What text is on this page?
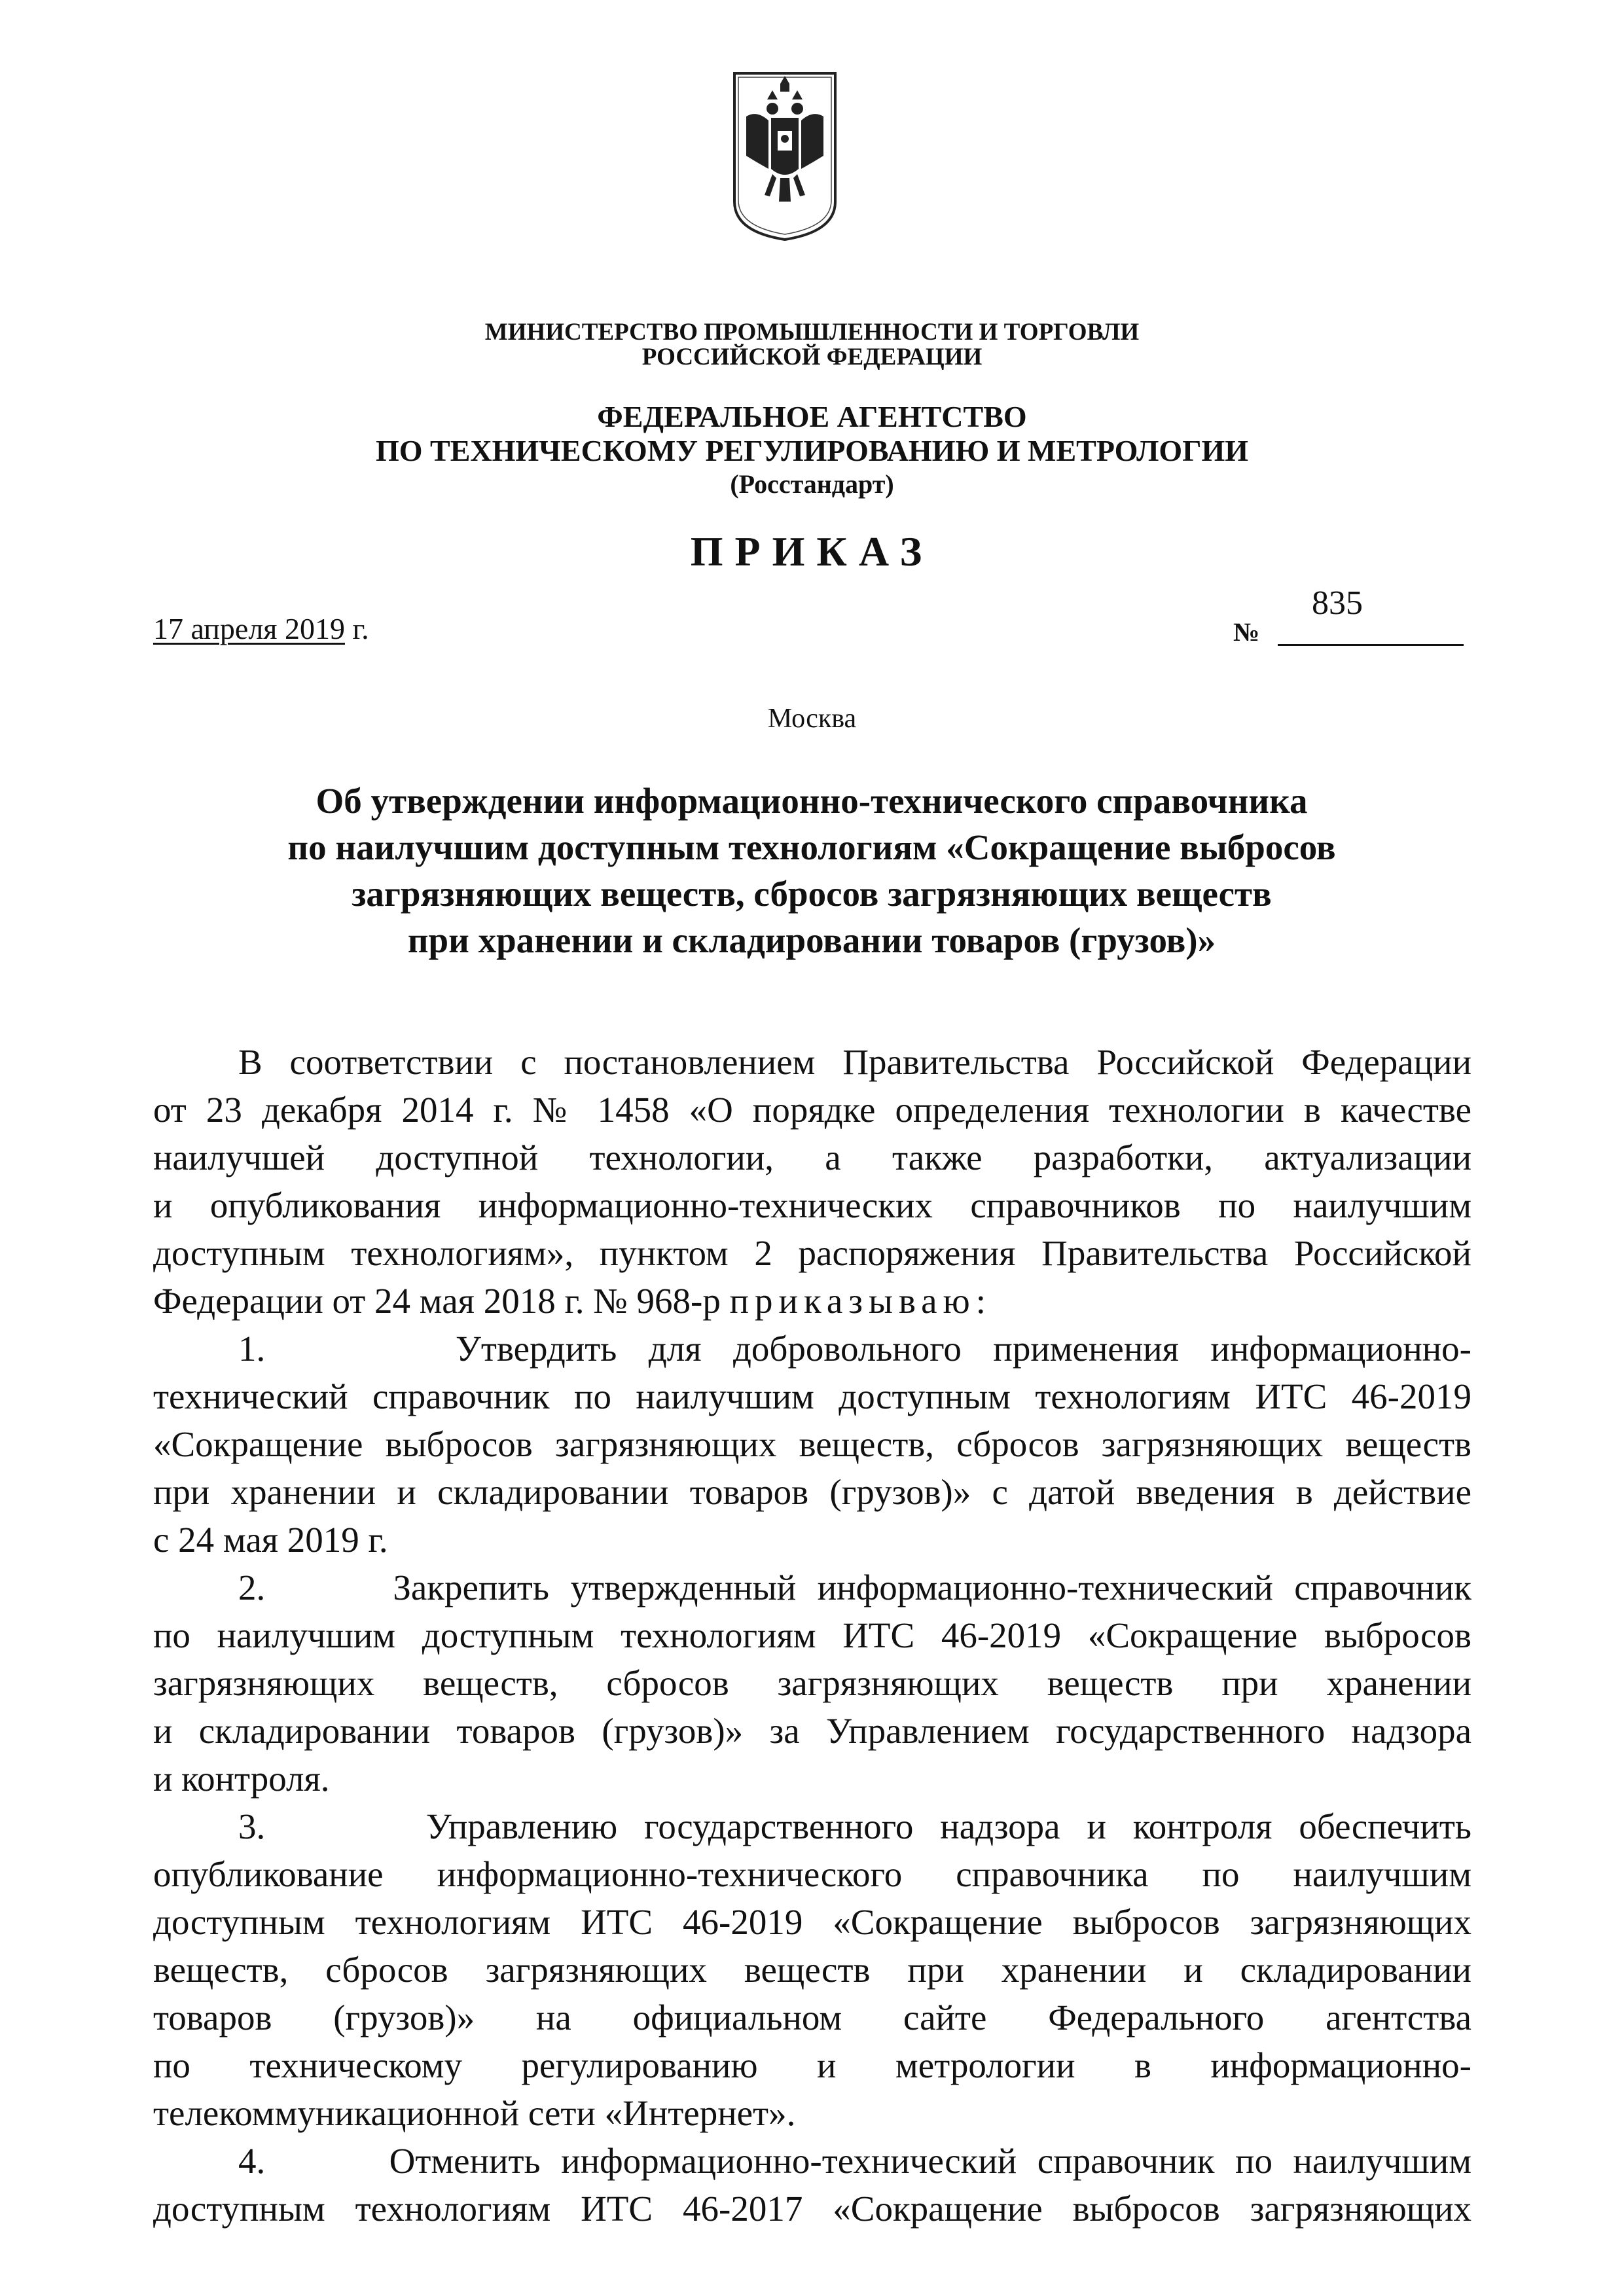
МИНИСТЕРСТВО ПРОМЫШЛЕННОСТИ И ТОРГОВЛИ
РОССИЙСКОЙ ФЕДЕРАЦИИ
ФЕДЕРАЛЬНОЕ АГЕНТСТВО
ПО ТЕХНИЧЕСКОМУ РЕГУЛИРОВАНИЮ И МЕТРОЛОГИИ
(Росстандарт)
ПРИКАЗ
17 апреля 2019 г.	№
835
Москва
Об утверждении информационно-технического справочника
по наилучшим доступным технологиям «Сокращение выбросов
загрязняющих веществ, сбросов загрязняющих веществ
при хранении и складировании товаров (грузов)»
В соответствии с постановлением Правительства Российской Федерации
от 23 декабря 2014 г. № 1458 «О порядке определения технологии в качестве
наилучшей доступной технологии, а также разработки, актуализации
и опубликования информационно-технических справочников по наилучшим
доступным технологиям», пунктом 2 распоряжения Правительства Российской
Федерации от 24 мая 2018 г. № 968-р приказываю:
1.      Утвердить для добровольного применения информационно-
технический справочник по наилучшим доступным технологиям ИТС 46-2019
«Сокращение выбросов загрязняющих веществ, сбросов загрязняющих веществ
при хранении и складировании товаров (грузов)» с датой введения в действие
с 24 мая 2019 г.
2.      Закрепить утвержденный информационно-технический справочник
по наилучшим доступным технологиям ИТС 46-2019 «Сокращение выбросов
загрязняющих веществ, сбросов загрязняющих веществ при хранении
и складировании товаров (грузов)» за Управлением государственного надзора
и контроля.
3.      Управлению государственного надзора и контроля обеспечить
опубликование информационно-технического справочника по наилучшим
доступным технологиям ИТС 46-2019 «Сокращение выбросов загрязняющих
веществ, сбросов загрязняющих веществ при хранении и складировании
товаров (грузов)» на официальном сайте Федерального агентства
по техническому регулированию и метрологии в информационно-
телекоммуникационной сети «Интернет».
4.      Отменить информационно-технический справочник по наилучшим
доступным технологиям ИТС 46-2017 «Сокращение выбросов загрязняющих
